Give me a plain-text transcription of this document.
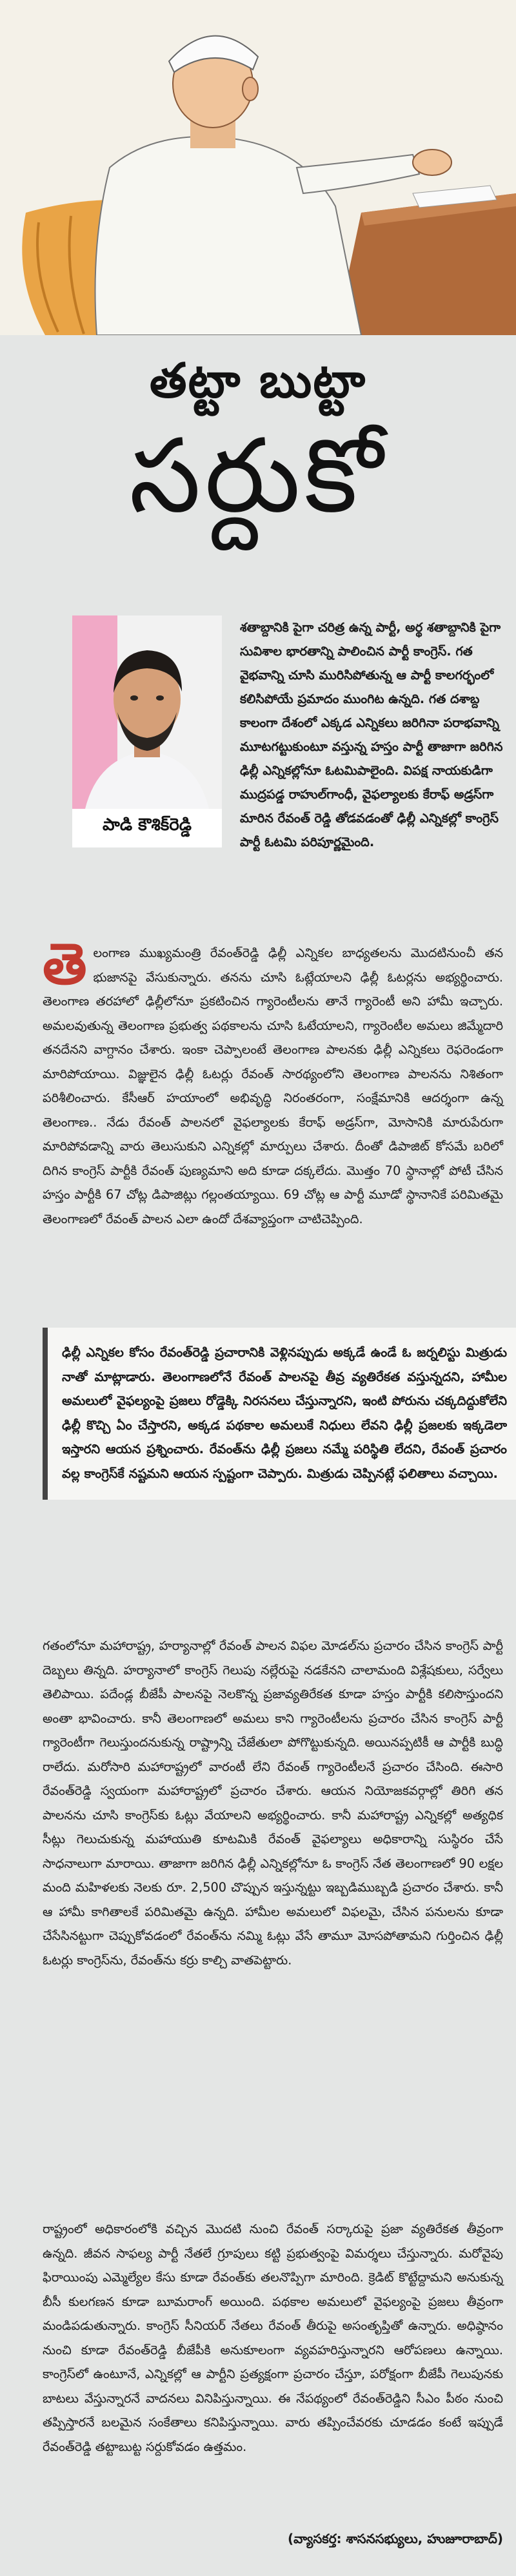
తట్టా బుట్టా
సర్దుకో
పాడి కౌశిక్‌రెడ్డి

శతాబ్దానికి పైగా చరిత్ర ఉన్న పార్టీ, అర్థ శతాబ్దానికి పైగా సువిశాల భారతాన్ని పాలించిన పార్టీ కాంగ్రెస్. గత వైభవాన్ని చూసి మురిసిపోతున్న ఆ పార్టీ కాలగర్భంలో కలిసిపోయే ప్రమాదం ముంగిట ఉన్నది. గత దశాబ్ద కాలంగా దేశంలో ఎక్కడ ఎన్నికలు జరిగినా పరాభవాన్ని మూటగట్టుకుంటూ వస్తున్న హస్తం పార్టీ తాజాగా జరిగిన ఢిల్లీ ఎన్నికల్లోనూ ఓటమిపాలైంది. విపక్ష నాయకుడిగా ముద్రపడ్డ రాహుల్‌గాంధీ, వైఫల్యాలకు కేరాఫ్ అడ్రస్‌గా మారిన రేవంత్ రెడ్డి తోడవడంతో ఢిల్లీ ఎన్నికల్లో కాంగ్రెస్ పార్టీ ఓటమి పరిపూర్ణమైంది.

తెలంగాణ ముఖ్యమంత్రి రేవంత్‌రెడ్డి ఢిల్లీ ఎన్నికల బాధ్యతలను మొదటినుంచీ తన భుజానపై వేసుకున్నారు. తనను చూసి ఓట్లేయాలని ఢిల్లీ ఓటర్లను అభ్యర్థించారు. తెలంగాణ తరహాలో ఢిల్లీలోనూ ప్రకటించిన గ్యారెంటీలను తానే గ్యారెంటీ అని హామీ ఇచ్చారు. అమలవుతున్న తెలంగాణ ప్రభుత్వ పథకాలను చూసి ఓటేయాలని, గ్యారెంటీల అమలు జిమ్మేదారి తనదేనని వాగ్దానం చేశారు. ఇంకా చెప్పాలంటే తెలంగాణ పాలనకు ఢిల్లీ ఎన్నికలు రెఫరెండంగా మారిపోయాయి. విజ్ఞులైన ఢిల్లీ ఓటర్లు రేవంత్ సారథ్యంలోని తెలంగాణ పాలనను నిశితంగా పరిశీలించారు. కేసీఆర్ హయాంలో అభివృద్ధి నిరంతరంగా, సంక్షేమానికి ఆదర్శంగా ఉన్న తెలంగాణ.. నేడు రేవంత్ పాలనలో వైఫల్యాలకు కేరాఫ్ అడ్రస్‌గా, మోసానికి మారుపేరుగా మారిపోవడాన్ని వారు తెలుసుకుని ఎన్నికల్లో మార్పులు చేశారు. దీంతో డిపాజిట్ కోసమే బరిలో దిగిన కాంగ్రెస్ పార్టీకి రేవంత్ పుణ్యమాని అది కూడా దక్కలేదు. మొత్తం 70 స్థానాల్లో పోటీ చేసిన హస్తం పార్టీకి 67 చోట్ల డిపాజిట్లు గల్లంతయ్యాయి. 69 చోట్ల ఆ పార్టీ మూడో స్థానానికే పరిమితమై తెలంగాణలో రేవంత్ పాలన ఎలా ఉందో దేశవ్యాప్తంగా చాటిచెప్పింది.

ఢిల్లీ ఎన్నికల కోసం రేవంత్‌రెడ్డి ప్రచారానికి వెళ్లినప్పుడు అక్కడే ఉండే ఓ జర్నలిస్టు మిత్రుడు నాతో మాట్లాడారు. తెలంగాణలోనే రేవంత్ పాలనపై తీవ్ర వ్యతిరేకత వస్తున్నదని, హామీల అమలులో వైఫల్యంపై ప్రజలు రోడ్డెక్కి నిరసనలు చేస్తున్నారని, ఇంటి పోరును చక్కదిద్దుకోలేని ఢిల్లీ కొచ్చి ఏం చేస్తారని, అక్కడ పథకాల అమలుకే నిధులు లేవని ఢిల్లీ ప్రజలకు ఇక్కడెలా ఇస్తారని ఆయన ప్రశ్నించారు. రేవంత్‌ను ఢిల్లీ ప్రజలు నమ్మే పరిస్థితి లేదని, రేవంత్ ప్రచారం వల్ల కాంగ్రెస్‌కే నష్టమని ఆయన స్పష్టంగా చెప్పారు. మిత్రుడు చెప్పినట్లే ఫలితాలు వచ్చాయి.

గతంలోనూ మహారాష్ట్ర, హర్యానాల్లో రేవంత్ పాలన విఫల మోడల్‌ను ప్రచారం చేసిన కాంగ్రెస్ పార్టీ దెబ్బలు తిన్నది. హర్యానాలో కాంగ్రెస్ గెలుపు నల్లేరుపై నడకేనని చాలామంది విశ్లేషకులు, సర్వేలు తెలిపాయి. పదేండ్ల బీజేపీ పాలనపై నెలకొన్న ప్రజావ్యతిరేకత కూడా హస్తం పార్టీకి కలిసొస్తుందని అంతా భావించారు. కానీ తెలంగాణలో అమలు కాని గ్యారెంటీలను ప్రచారం చేసిన కాంగ్రెస్ పార్టీ గ్యారెంటీగా గెలుస్తుందనుకున్న రాష్ట్రాన్ని చేజేతులా పోగొట్టుకున్నది. అయినప్పటికీ ఆ పార్టీకి బుద్ధి రాలేదు. మరోసారి మహారాష్ట్రలో వారంటీ లేని రేవంత్ గ్యారెంటీలనే ప్రచారం చేసింది. ఈసారి రేవంత్‌రెడ్డి స్వయంగా మహారాష్ట్రలో ప్రచారం చేశారు. ఆయన నియోజకవర్గాల్లో తిరిగి తన పాలనను చూసి కాంగ్రెస్‌కు ఓట్లు వేయాలని అభ్యర్థించారు. కానీ మహారాష్ట్ర ఎన్నికల్లో అత్యధిక సీట్లు గెలుచుకున్న మహాయుతి కూటమికి రేవంత్ వైఫల్యాలు అధికారాన్ని సుస్థిరం చేసే సాధనాలుగా మారాయి. తాజాగా జరిగిన ఢిల్లీ ఎన్నికల్లోనూ ఓ కాంగ్రెస్ నేత తెలంగాణలో 90 లక్షల మంది మహిళలకు నెలకు రూ. 2,500 చొప్పున ఇస్తున్నట్టు ఇబ్బడిముబ్బడి ప్రచారం చేశారు. కానీ ఆ హామీ కాగితాలకే పరిమితమై ఉన్నది. హామీల అమలులో విఫలమై, చేసిన పనులను కూడా చేసేసినట్టుగా చెప్పుకోవడంలో రేవంత్‌ను నమ్మి ఓట్లు వేసే తామూ మోసపోతామని గుర్తించిన ఢిల్లీ ఓటర్లు కాంగ్రెస్‌ను, రేవంత్‌ను కర్రు కాల్చి వాతపెట్టారు.

రాష్ట్రంలో అధికారంలోకి వచ్చిన మొదటి నుంచి రేవంత్ సర్కారుపై ప్రజా వ్యతిరేకత తీవ్రంగా ఉన్నది. జీవన సాఫల్య పార్టీ నేతలే గ్రూపులు కట్టి ప్రభుత్వంపై విమర్శలు చేస్తున్నారు. మరోవైపు ఫిరాయింపు ఎమ్మెల్యేల కేసు కూడా రేవంత్‌కు తలనొప్పిగా మారింది. క్రెడిట్ కొట్టేద్దామని అనుకున్న బీసీ కులగణన కూడా బూమరాంగ్ అయింది. పథకాల అమలులో వైఫల్యంపై ప్రజలు తీవ్రంగా మండిపడుతున్నారు. కాంగ్రెస్ సీనియర్ నేతలు రేవంత్ తీరుపై అసంతృప్తితో ఉన్నారు. అధిష్ఠానం నుంచి కూడా రేవంత్‌రెడ్డి బీజేపీకి అనుకూలంగా వ్యవహరిస్తున్నారని ఆరోపణలు ఉన్నాయి. కాంగ్రెస్‌లో ఉంటూనే, ఎన్నికల్లో ఆ పార్టీని ప్రత్యక్షంగా ప్రచారం చేస్తూ, పరోక్షంగా బీజేపీ గెలుపునకు బాటలు వేస్తున్నారనే వాదనలు వినిపిస్తున్నాయి. ఈ నేపథ్యంలో రేవంత్‌రెడ్డిని సీఎం పీఠం నుంచి తప్పిస్తారనే బలమైన సంకేతాలు కనిపిస్తున్నాయి. వారు తప్పించేవరకు చూడడం కంటే ఇప్పుడే రేవంత్‌రెడ్డి తట్టాబుట్ట సర్దుకోవడం ఉత్తమం.

(వ్యాసకర్త: శాసనసభ్యులు, హుజూరాబాద్)
